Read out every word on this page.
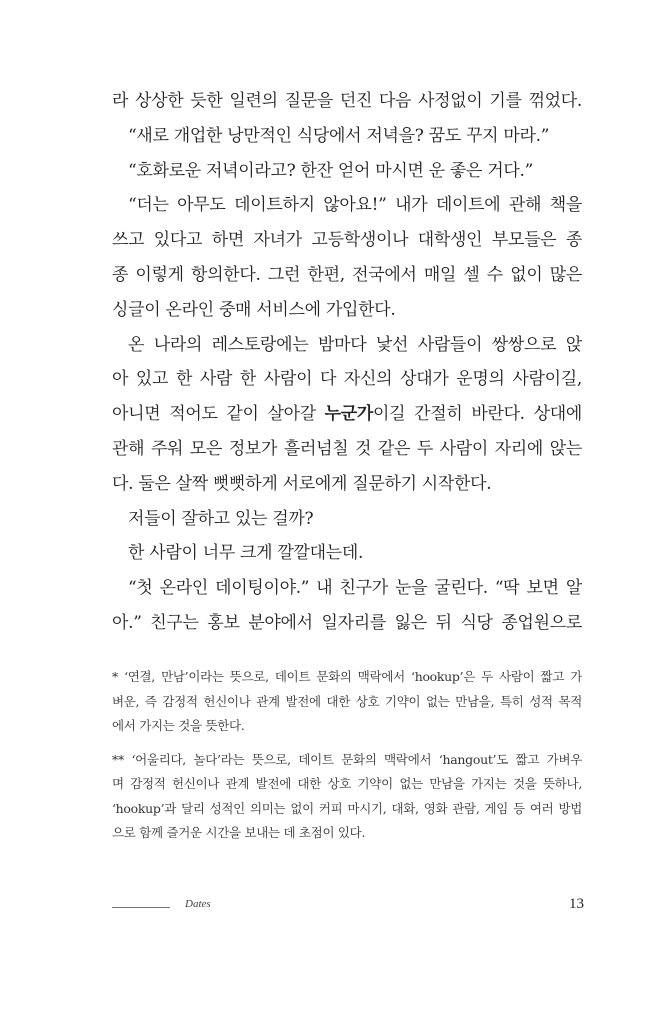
라 상상한 듯한 일련의 질문을 던진 다음 사정없이 기를 꺾었다.
“새로 개업한 낭만적인 식당에서 저녁을? 꿈도 꾸지 마라.”
“호화로운 저녁이라고? 한잔 얻어 마시면 운 좋은 거다.”
“더는 아무도 데이트하지 않아요!” 내가 데이트에 관해 책을
쓰고 있다고 하면 자녀가 고등학생이나 대학생인 부모들은 종
종 이렇게 항의한다. 그런 한편, 전국에서 매일 셀 수 없이 많은
싱글이 온라인 중매 서비스에 가입한다.
온 나라의 레스토랑에는 밤마다 낯선 사람들이 쌍쌍으로 앉
아 있고 한 사람 한 사람이 다 자신의 상대가 운명의 사람이길,
아니면 적어도 같이 살아갈 누군가이길 간절히 바란다. 상대에
관해 주워 모은 정보가 흘러넘칠 것 같은 두 사람이 자리에 앉는
다. 둘은 살짝 뻣뻣하게 서로에게 질문하기 시작한다.
저들이 잘하고 있는 걸까?
한 사람이 너무 크게 깔깔대는데.
“첫 온라인 데이팅이야.” 내 친구가 눈을 굴린다. “딱 보면 알
아.” 친구는 홍보 분야에서 일자리를 잃은 뒤 식당 종업원으로
* ‘연결, 만남’이라는 뜻으로, 데이트 문화의 맥락에서 ‘hookup’은 두 사람이 짧고 가
벼운, 즉 감정적 헌신이나 관계 발전에 대한 상호 기약이 없는 만남을, 특히 성적 목적
에서 가지는 것을 뜻한다.
** ‘어울리다, 놀다’라는 뜻으로, 데이트 문화의 맥락에서 ‘hangout’도 짧고 가벼우
며 감정적 헌신이나 관계 발전에 대한 상호 기약이 없는 만남을 가지는 것을 뜻하나,
‘hookup’과 달리 성적인 의미는 없이 커피 마시기, 대화, 영화 관람, 게임 등 여러 방법
으로 함께 즐거운 시간을 보내는 데 초점이 있다.
Dates	13
